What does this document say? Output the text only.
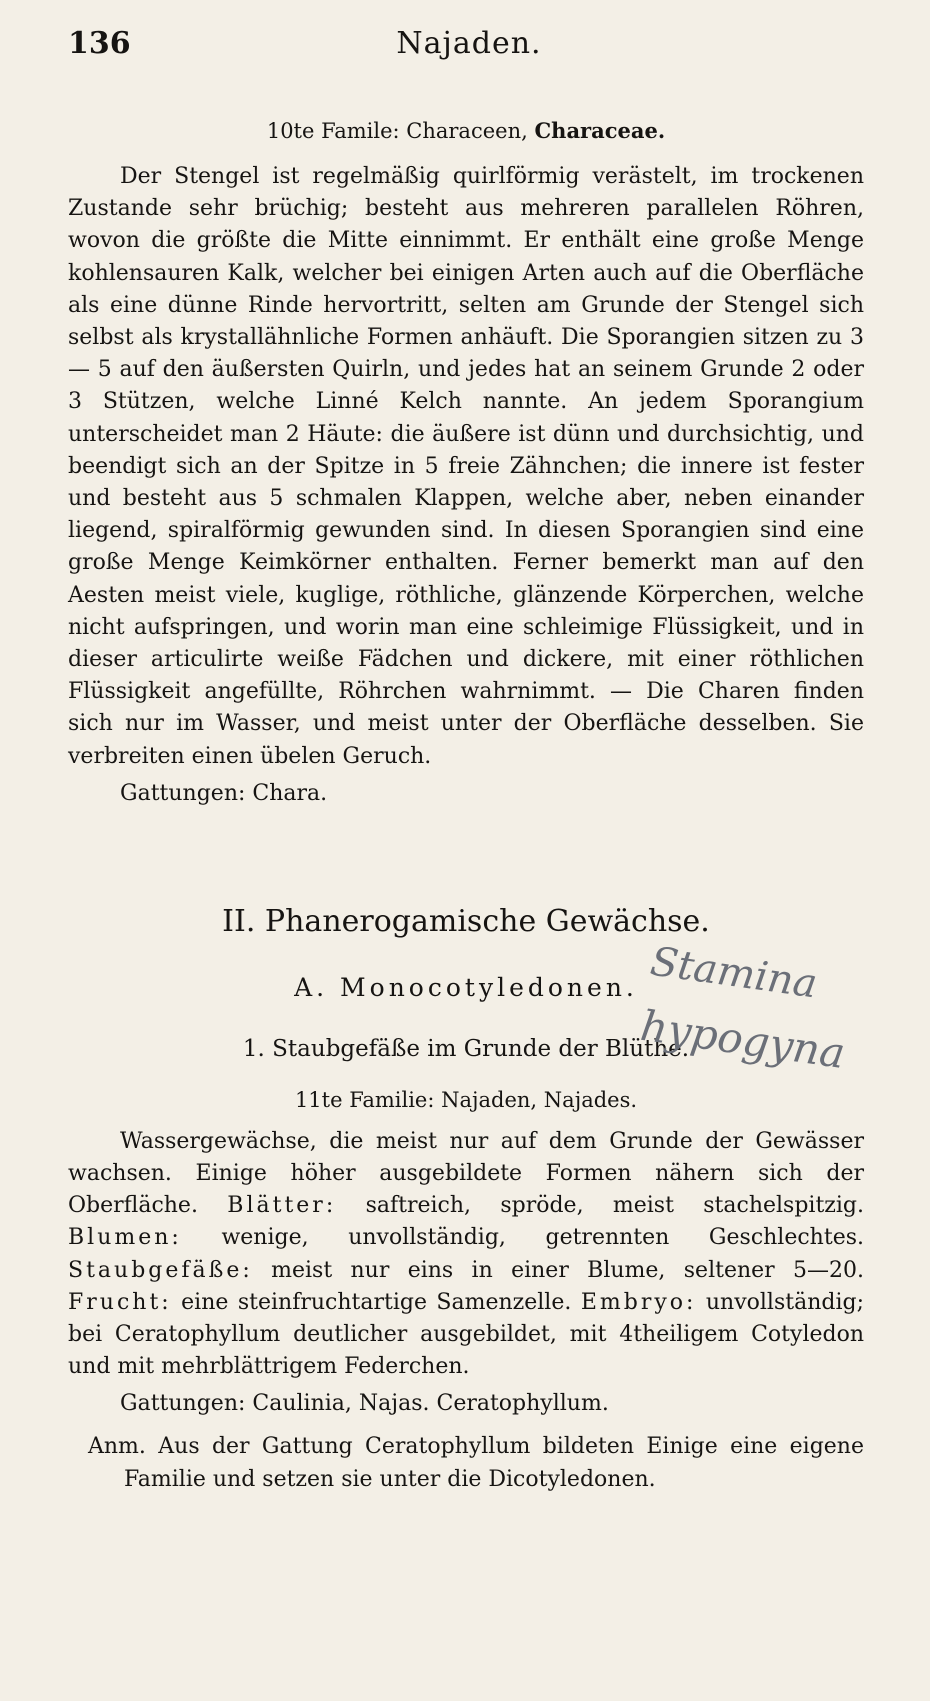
136	Najaden.
10te Famile: Characeen, Characeae.

Der Stengel ist regelmäßig quirlförmig verästelt, im trockenen Zustande sehr brüchig; besteht aus mehreren parallelen Röhren, wovon die größte die Mitte einnimmt. Er enthält eine große Menge kohlensauren Kalk, welcher bei einigen Arten auch auf die Oberfläche als eine dünne Rinde hervortritt, selten am Grunde der Stengel sich selbst als krystallähnliche Formen anhäuft. Die Sporangien sitzen zu 3 — 5 auf den äußersten Quirln, und jedes hat an seinem Grunde 2 oder 3 Stützen, welche Linné Kelch nannte. An jedem Sporangium unterscheidet man 2 Häute: die äußere ist dünn und durchsichtig, und beendigt sich an der Spitze in 5 freie Zähnchen; die innere ist fester und besteht aus 5 schmalen Klappen, welche aber, neben einander liegend, spiralförmig gewunden sind. In diesen Sporangien sind eine große Menge Keimkörner enthalten. Ferner bemerkt man auf den Aesten meist viele, kuglige, röthliche, glänzende Körperchen, welche nicht aufspringen, und worin man eine schleimige Flüssigkeit, und in dieser articulirte weiße Fädchen und dickere, mit einer röthlichen Flüssigkeit angefüllte, Röhrchen wahrnimmt. — Die Charen finden sich nur im Wasser, und meist unter der Oberfläche desselben. Sie verbreiten einen übelen Geruch.

Gattungen: Chara.
II. Phanerogamische Gewächse.
A. Monocotyledonen.
1. Staubgefäße im Grunde der Blüthe.
11te Familie: Najaden, Najades.

Wassergewächse, die meist nur auf dem Grunde der Gewässer wachsen. Einige höher ausgebildete Formen nähern sich der Oberfläche. Blätter: saftreich, spröde, meist stachelspitzig. Blumen: wenige, unvollständig, getrennten Geschlechtes. Staubgefäße: meist nur eins in einer Blume, seltener 5—20. Frucht: eine steinfruchtartige Samenzelle. Embryo: unvollständig; bei Ceratophyllum deutlicher ausgebildet, mit 4theiligem Cotyledon und mit mehrblättrigem Federchen.

Gattungen: Caulinia, Najas. Ceratophyllum.
Anm. Aus der Gattung Ceratophyllum bildeten Einige eine eigene Familie und setzen sie unter die Dicotyledonen.
Stamina
hypogyna
